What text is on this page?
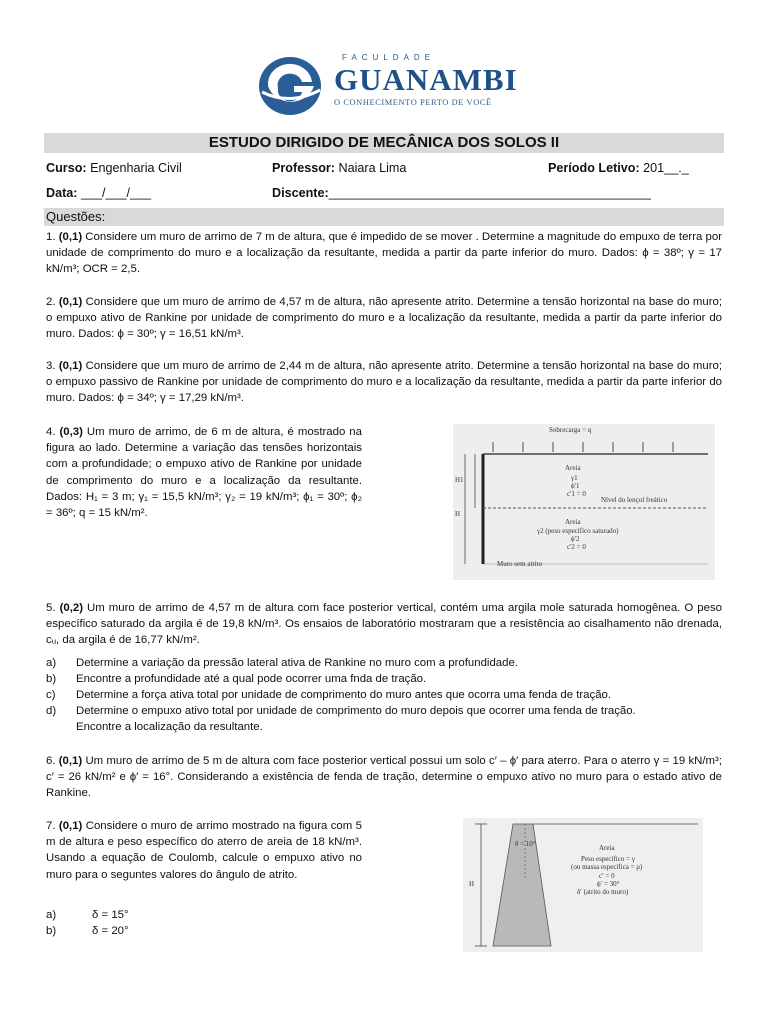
FACULDADE
GUANAMBI
O CONHECIMENTO PERTO DE VOCÊ
ESTUDO DIRIGIDO DE MECÂNICA DOS SOLOS II
Curso: Engenharia Civil	Professor: Naiara Lima	Período Letivo: 201__._
Data: ___/___/___	Discente:______________________________________________
Questões:
1. (0,1) Considere um muro de arrimo de 7 m de altura, que é impedido de se mover . Determine a magnitude do empuxo de terra por unidade de comprimento do muro e a localização da resultante, medida a partir da parte inferior do muro. Dados: ϕ = 38º; γ = 17 kN/m³; OCR = 2,5.
2. (0,1) Considere que um muro de arrimo de 4,57 m de altura, não apresente atrito. Determine a tensão horizontal na base do muro; o empuxo ativo de Rankine por unidade de comprimento do muro e a localização da resultante, medida a partir da parte inferior do muro. Dados: ϕ = 30º; γ = 16,51 kN/m³.
3. (0,1) Considere que um muro de arrimo de 2,44 m de altura, não apresente atrito. Determine a tensão horizontal na base do muro; o empuxo passivo de Rankine por unidade de comprimento do muro e a localização da resultante, medida a partir da parte inferior do muro. Dados: ϕ = 34º; γ = 17,29 kN/m³.
4. (0,3) Um muro de arrimo, de 6 m de altura, é mostrado na figura ao lado. Determine a variação das tensões horizontais com a profundidade; o empuxo ativo de Rankine por unidade de comprimento do muro e a localização da resultante. Dados: H₁ = 3 m; γ₁ = 15,5 kN/m³; γ₂ = 19 kN/m³; ϕ₁ = 30º; ϕ₂ = 36º; q = 15 kN/m².
Sobrecarga = q
Areia
γ1
ϕ'1
c'1 = 0
H1
H
Nível do lençol freático
Areia
γ2 (peso específico saturado)
ϕ'2
c'2 = 0
Muro sem atrito
5. (0,2) Um muro de arrimo de 4,57 m de altura com face posterior vertical, contém uma argila mole saturada homogênea. O peso específico saturado da argila é de 19,8 kN/m³. Os ensaios de laboratório mostraram que a resistência ao cisalhamento não drenada, cᵤ, da argila é de 16,77 kN/m².
a) Determine a variação da pressão lateral ativa de Rankine no muro com a profundidade.
b) Encontre a profundidade até a qual pode ocorrer uma fnda de tração.
c) Determine a força ativa total por unidade de comprimento do muro antes que ocorra uma fenda de tração.
d) Determine o empuxo ativo total por unidade de comprimento do muro depois que ocorrer uma fenda de tração.
Encontre a localização da resultante.
6. (0,1) Um muro de arrimo de 5 m de altura com face posterior vertical possui um solo c′ – ϕ′ para aterro. Para o aterro γ = 19 kN/m³; c′ = 26 kN/m² e ϕ′ = 16°. Considerando a existência de fenda de tração, determine o empuxo ativo no muro para o estado ativo de Rankine.
7. (0,1) Considere o muro de arrimo mostrado na figura com 5 m de altura e peso específico do aterro de areia de 18 kN/m³. Usando a equação de Coulomb, calcule o empuxo ativo no muro para o seguntes valores do ângulo de atrito.
a)	δ = 15°
b)	δ = 20°
Areia
Peso específico = γ
(ou massa específica = ρ)
c′ = 0
ϕ′ = 30°
δ′ (atrito do muro)
θ = 10°
H
